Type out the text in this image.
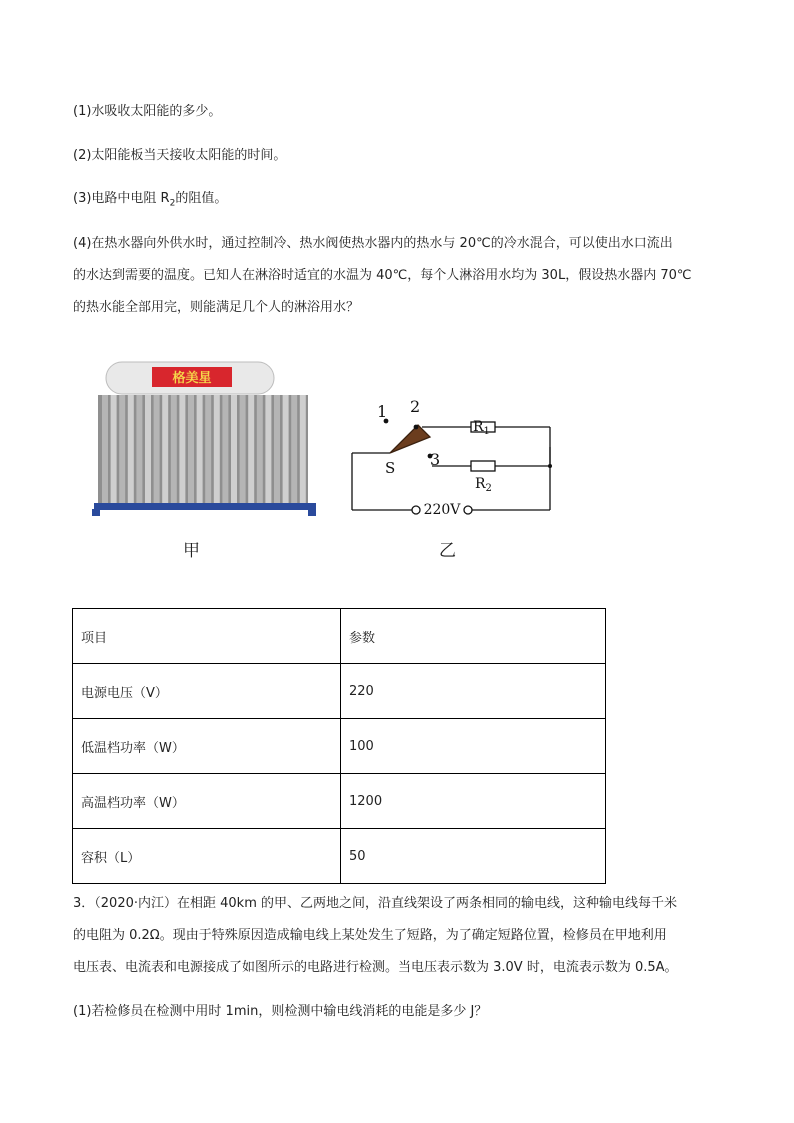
(1)水吸收太阳能的多少。
(2)太阳能板当天接收太阳能的时间。
(3)电路中电阻 $R_2$的阻值。
(4)在热水器向外供水时，通过控制冷、热水阀使热水器内的热水与 20℃的冷水混合，可以使出水口流出
的水达到需要的温度。已知人在淋浴时适宜的水温为 40℃，每个人淋浴用水均为 30L，假设热水器内 70℃
的热水能全部用完，则能满足几个人的淋浴用水？
格美星
1 2
3
S
$R_1$
$R_2$
220V
甲	乙
项目	参数
电源电压（V）	220
低温档功率（W）	100
高温档功率（W）	1200
容积（L）	50
3．（2020·内江）在相距 40km 的甲、乙两地之间，沿直线架设了两条相同的输电线，这种输电线每千米
的电阻为 0.2Ω。现由于特殊原因造成输电线上某处发生了短路，为了确定短路位置，检修员在甲地利用
电压表、电流表和电源接成了如图所示的电路进行检测。当电压表示数为 3.0V 时，电流表示数为 0.5A。
(1)若检修员在检测中用时 1min，则检测中输电线消耗的电能是多少 J？
